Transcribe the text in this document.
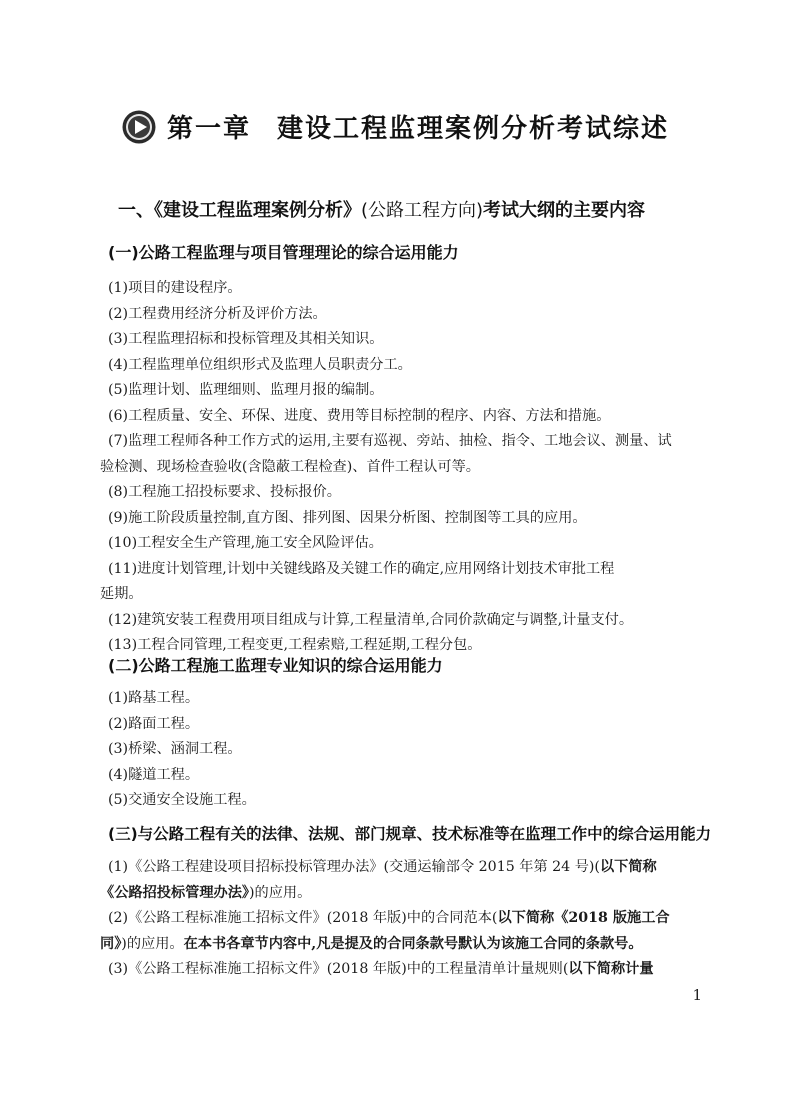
第一章 建设工程监理案例分析考试综述
一、《建设工程监理案例分析》(公路工程方向)考试大纲的主要内容
(一)公路工程监理与项目管理理论的综合运用能力

(1)项目的建设程序。

(2)工程费用经济分析及评价方法。

(3)工程监理招标和投标管理及其相关知识。

(4)工程监理单位组织形式及监理人员职责分工。

(5)监理计划、监理细则、监理月报的编制。

(6)工程质量、安全、环保、进度、费用等目标控制的程序、内容、方法和措施。

(7)监理工程师各种工作方式的运用,主要有巡视、旁站、抽检、指令、工地会议、测量、试

验检测、现场检查验收(含隐蔽工程检查)、首件工程认可等。

(8)工程施工招投标要求、投标报价。

(9)施工阶段质量控制,直方图、排列图、因果分析图、控制图等工具的应用。

(10)工程安全生产管理,施工安全风险评估。

(11)进度计划管理,计划中关键线路及关键工作的确定,应用网络计划技术审批工程

延期。

(12)建筑安装工程费用项目组成与计算,工程量清单,合同价款确定与调整,计量支付。

(13)工程合同管理,工程变更,工程索赔,工程延期,工程分包。

(二)公路工程施工监理专业知识的综合运用能力

(1)路基工程。

(2)路面工程。

(3)桥梁、涵洞工程。

(4)隧道工程。

(5)交通安全设施工程。

(三)与公路工程有关的法律、法规、部门规章、技术标准等在监理工作中的综合运用能力

(1)《公路工程建设项目招标投标管理办法》(交通运输部令 2015 年第 24 号)(以下简称

《公路招投标管理办法》)的应用。

(2)《公路工程标准施工招标文件》(2018 年版)中的合同范本(以下简称《2018 版施工合

同》)的应用。在本书各章节内容中,凡是提及的合同条款号默认为该施工合同的条款号。

(3)《公路工程标准施工招标文件》(2018 年版)中的工程量清单计量规则(以下简称计量

1
